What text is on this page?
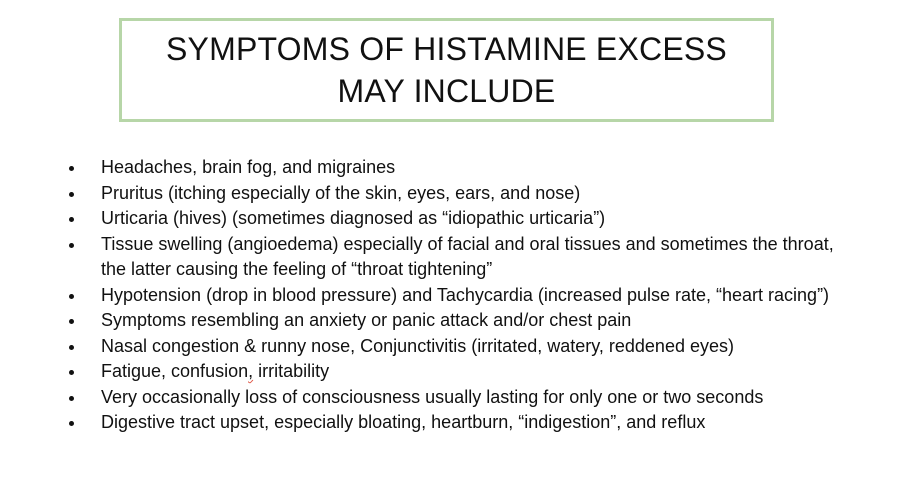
SYMPTOMS OF HISTAMINE EXCESS
MAY INCLUDE
Headaches, brain fog, and migraines
Pruritus (itching especially of the skin, eyes, ears, and nose)
Urticaria (hives) (sometimes diagnosed as “idiopathic urticaria”)
Tissue swelling (angioedema) especially of facial and oral tissues and sometimes the throat, the latter causing the feeling of “throat tightening”
Hypotension (drop in blood pressure) and Tachycardia (increased pulse rate, “heart racing”)
Symptoms resembling an anxiety or panic attack and/or chest pain
Nasal congestion & runny nose, Conjunctivitis (irritated, watery, reddened eyes)
Fatigue, confusion, irritability
Very occasionally loss of consciousness usually lasting for only one or two seconds
Digestive tract upset, especially bloating, heartburn, “indigestion”, and reflux
